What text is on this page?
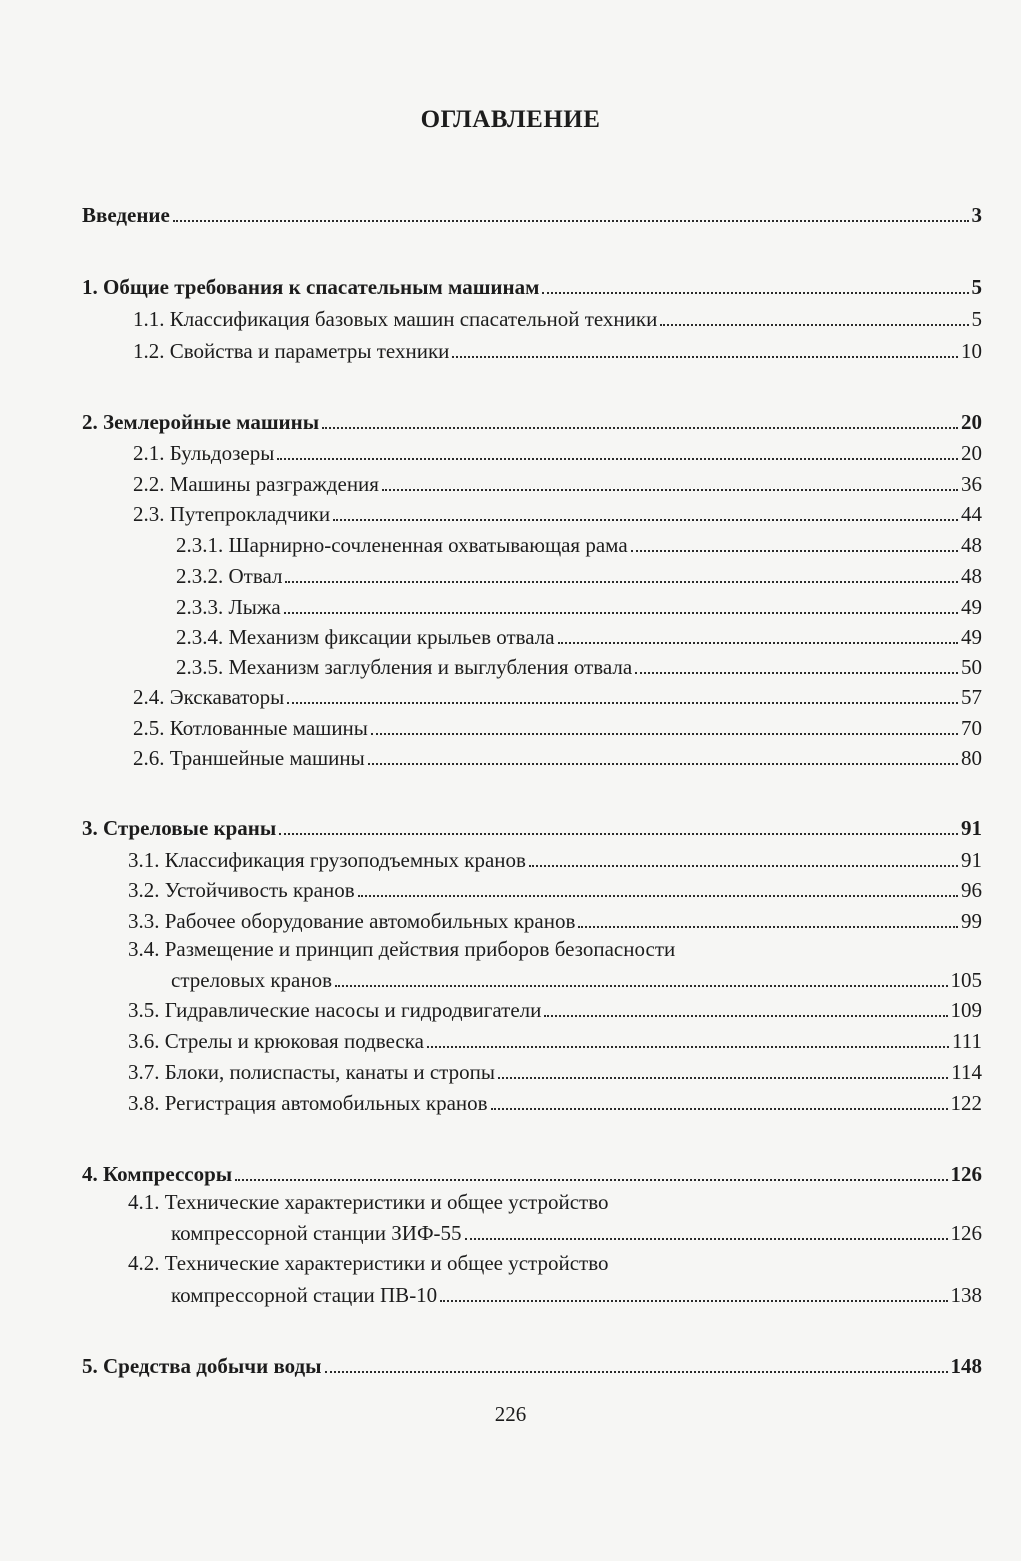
ОГЛАВЛЕНИЕ
Введение	3
1. Общие требования к спасательным машинам	5
1.1. Классификация базовых машин спасательной техники	5
1.2. Свойства и параметры техники	10
2. Землеройные машины	20
2.1. Бульдозеры	20
2.2. Машины разграждения	36
2.3. Путепрокладчики	44
2.3.1. Шарнирно-сочлененная охватывающая рама	48
2.3.2. Отвал	48
2.3.3. Лыжа	49
2.3.4. Механизм фиксации крыльев отвала	49
2.3.5. Механизм заглубления и выглубления отвала	50
2.4. Экскаваторы	57
2.5. Котлованные машины	70
2.6. Траншейные машины	80
3. Стреловые краны	91
3.1. Классификация грузоподъемных кранов	91
3.2. Устойчивость кранов	96
3.3. Рабочее оборудование автомобильных кранов	99
3.4. Размещение и принцип действия приборов безопасности
стреловых кранов	105
3.5. Гидравлические насосы и гидродвигатели	109
3.6. Стрелы и крюковая подвеска	111
3.7. Блоки, полиспасты, канаты и стропы	114
3.8. Регистрация автомобильных кранов	122
4. Компрессоры	126
4.1. Технические характеристики и общее устройство
компрессорной станции ЗИФ-55	126
4.2. Технические характеристики и общее устройство
компрессорной стации ПВ-10	138
5. Средства добычи воды	148
226
